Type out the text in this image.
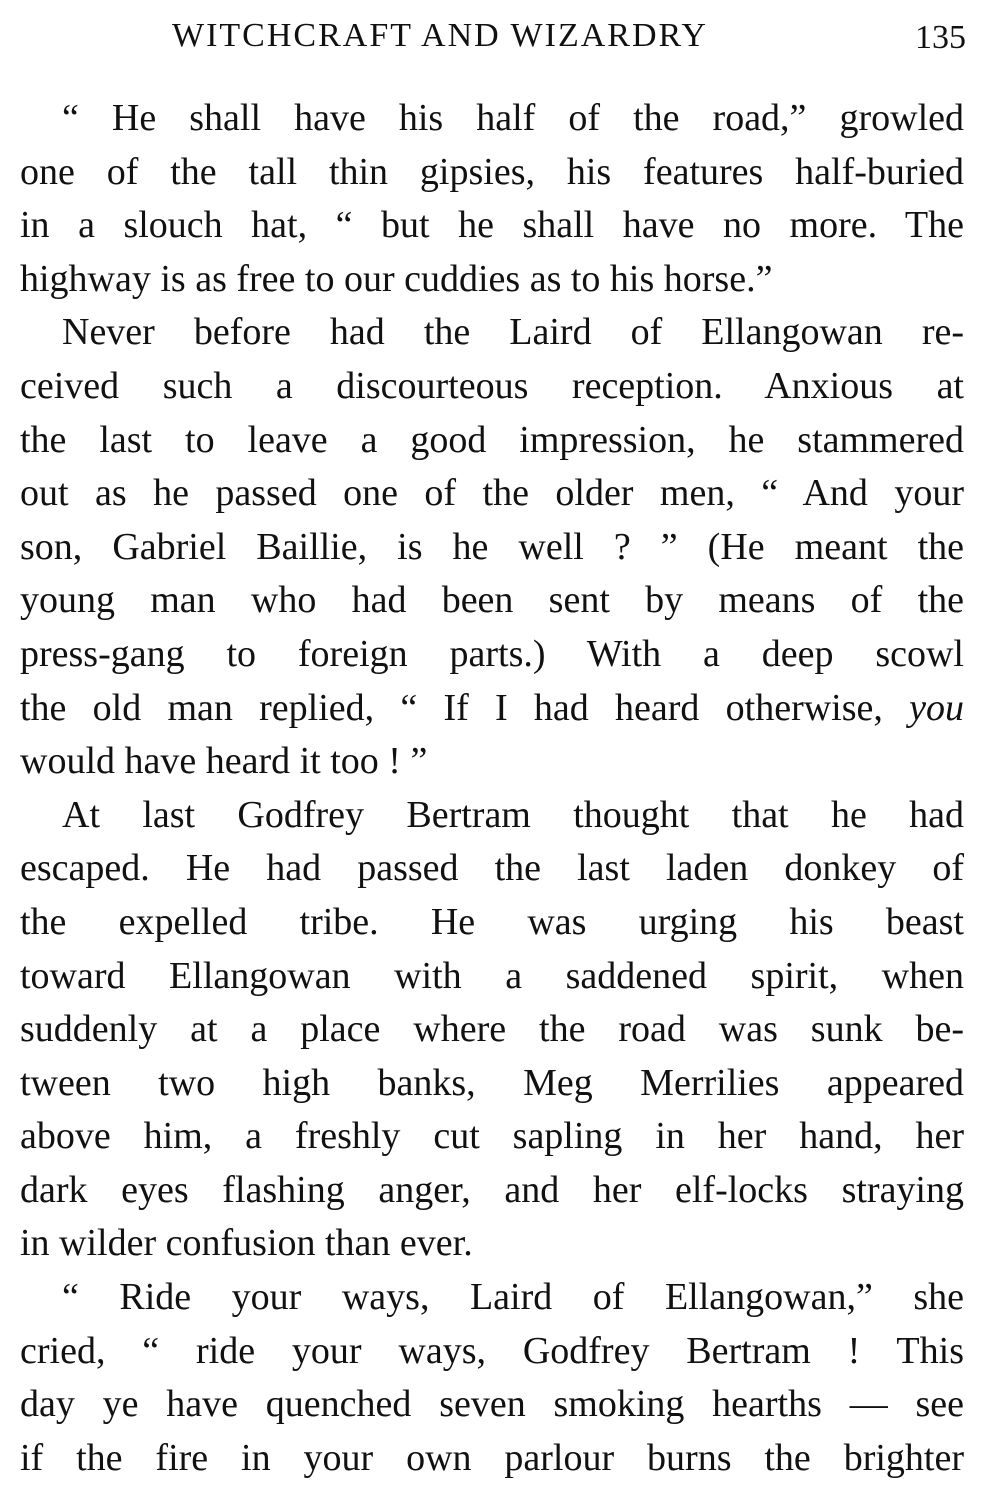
WITCHCRAFT AND WIZARDRY	135
“ He shall have his half of the road,” growled
one of the tall thin gipsies, his features half-buried
in a slouch hat, “ but he shall have no more. The
highway is as free to our cuddies as to his horse.”
Never before had the Laird of Ellangowan re-
ceived such a discourteous reception. Anxious at
the last to leave a good impression, he stammered
out as he passed one of the older men, “ And your
son, Gabriel Baillie, is he well ? ” (He meant the
young man who had been sent by means of the
press-gang to foreign parts.) With a deep scowl
the old man replied, “ If I had heard otherwise, you
would have heard it too ! ”
At last Godfrey Bertram thought that he had
escaped. He had passed the last laden donkey of
the expelled tribe. He was urging his beast
toward Ellangowan with a saddened spirit, when
suddenly at a place where the road was sunk be-
tween two high banks, Meg Merrilies appeared
above him, a freshly cut sapling in her hand, her
dark eyes flashing anger, and her elf-locks straying
in wilder confusion than ever.
“ Ride your ways, Laird of Ellangowan,” she
cried, “ ride your ways, Godfrey Bertram ! This
day ye have quenched seven smoking hearths — see
if the fire in your own parlour burns the brighter
